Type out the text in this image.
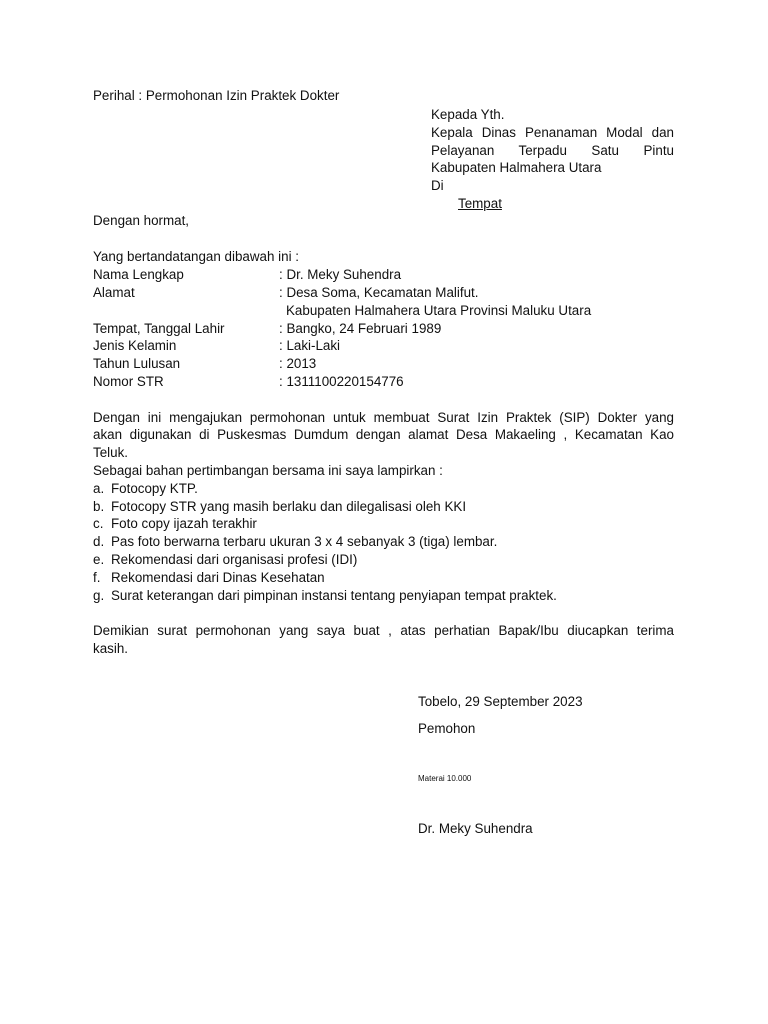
Perihal : Permohonan Izin Praktek Dokter
Kepada Yth.
Kepala Dinas Penanaman Modal dan
Pelayanan Terpadu Satu Pintu
Kabupaten Halmahera Utara
Di
Tempat
Dengan hormat,
Yang bertandatangan dibawah ini :
Nama Lengkap	: Dr. Meky Suhendra
Alamat	: Desa Soma, Kecamatan Malifut.
Kabupaten Halmahera Utara Provinsi Maluku Utara
Tempat, Tanggal Lahir	: Bangko, 24 Februari 1989
Jenis Kelamin	: Laki-Laki
Tahun Lulusan	: 2013
Nomor STR	: 1311100220154776
Dengan ini mengajukan permohonan untuk membuat Surat Izin Praktek (SIP) Dokter yang
akan digunakan di Puskesmas Dumdum dengan alamat Desa Makaeling , Kecamatan Kao
Teluk.
Sebagai bahan pertimbangan bersama ini saya lampirkan :
a. Fotocopy KTP.
b. Fotocopy STR yang masih berlaku dan dilegalisasi oleh KKI
c. Foto copy ijazah terakhir
d. Pas foto berwarna terbaru ukuran 3 x 4 sebanyak 3 (tiga) lembar.
e. Rekomendasi dari organisasi profesi (IDI)
f. Rekomendasi dari Dinas Kesehatan
g. Surat keterangan dari pimpinan instansi tentang penyiapan tempat praktek.
Demikian surat permohonan yang saya buat , atas perhatian Bapak/Ibu diucapkan terima
kasih.
Tobelo, 29 September 2023
Pemohon
Materai 10.000
Dr. Meky Suhendra
